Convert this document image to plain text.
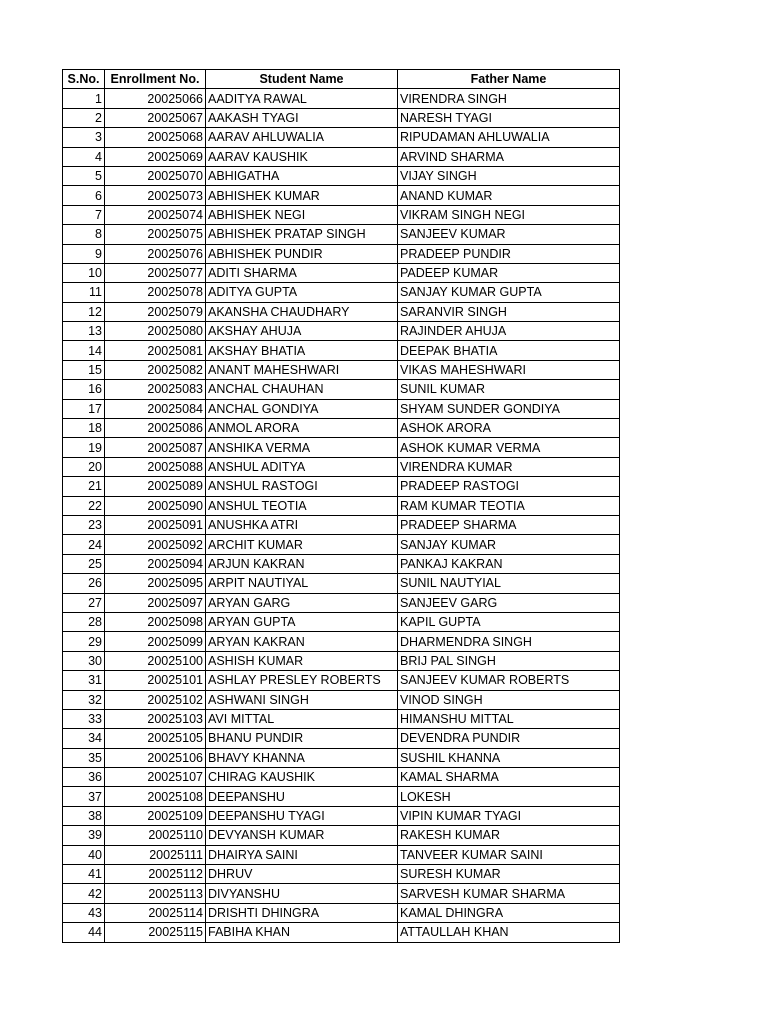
S.No.	Enrollment No.	Student Name	Father Name
1	20025066	AADITYA RAWAL	VIRENDRA SINGH
2	20025067	AAKASH TYAGI	NARESH TYAGI
3	20025068	AARAV AHLUWALIA	RIPUDAMAN AHLUWALIA
4	20025069	AARAV KAUSHIK	ARVIND SHARMA
5	20025070	ABHIGATHA	VIJAY SINGH
6	20025073	ABHISHEK KUMAR	ANAND KUMAR
7	20025074	ABHISHEK NEGI	VIKRAM SINGH NEGI
8	20025075	ABHISHEK PRATAP SINGH	SANJEEV KUMAR
9	20025076	ABHISHEK PUNDIR	PRADEEP PUNDIR
10	20025077	ADITI SHARMA	PADEEP KUMAR
11	20025078	ADITYA GUPTA	SANJAY KUMAR GUPTA
12	20025079	AKANSHA CHAUDHARY	SARANVIR SINGH
13	20025080	AKSHAY AHUJA	RAJINDER AHUJA
14	20025081	AKSHAY BHATIA	DEEPAK BHATIA
15	20025082	ANANT MAHESHWARI	VIKAS MAHESHWARI
16	20025083	ANCHAL CHAUHAN	SUNIL KUMAR
17	20025084	ANCHAL GONDIYA	SHYAM SUNDER GONDIYA
18	20025086	ANMOL ARORA	ASHOK ARORA
19	20025087	ANSHIKA VERMA	ASHOK KUMAR VERMA
20	20025088	ANSHUL ADITYA	VIRENDRA KUMAR
21	20025089	ANSHUL RASTOGI	PRADEEP RASTOGI
22	20025090	ANSHUL TEOTIA	RAM KUMAR TEOTIA
23	20025091	ANUSHKA ATRI	PRADEEP SHARMA
24	20025092	ARCHIT KUMAR	SANJAY KUMAR
25	20025094	ARJUN KAKRAN	PANKAJ KAKRAN
26	20025095	ARPIT NAUTIYAL	SUNIL NAUTYIAL
27	20025097	ARYAN GARG	SANJEEV GARG
28	20025098	ARYAN GUPTA	KAPIL GUPTA
29	20025099	ARYAN KAKRAN	DHARMENDRA SINGH
30	20025100	ASHISH KUMAR	BRIJ PAL SINGH
31	20025101	ASHLAY PRESLEY ROBERTS	SANJEEV KUMAR ROBERTS
32	20025102	ASHWANI SINGH	VINOD SINGH
33	20025103	AVI MITTAL	HIMANSHU MITTAL
34	20025105	BHANU PUNDIR	DEVENDRA PUNDIR
35	20025106	BHAVY KHANNA	SUSHIL KHANNA
36	20025107	CHIRAG KAUSHIK	KAMAL SHARMA
37	20025108	DEEPANSHU	LOKESH
38	20025109	DEEPANSHU TYAGI	VIPIN KUMAR TYAGI
39	20025110	DEVYANSH KUMAR	RAKESH KUMAR
40	20025111	DHAIRYA SAINI	TANVEER KUMAR SAINI
41	20025112	DHRUV	SURESH KUMAR
42	20025113	DIVYANSHU	SARVESH KUMAR SHARMA
43	20025114	DRISHTI DHINGRA	KAMAL DHINGRA
44	20025115	FABIHA KHAN	ATTAULLAH KHAN
